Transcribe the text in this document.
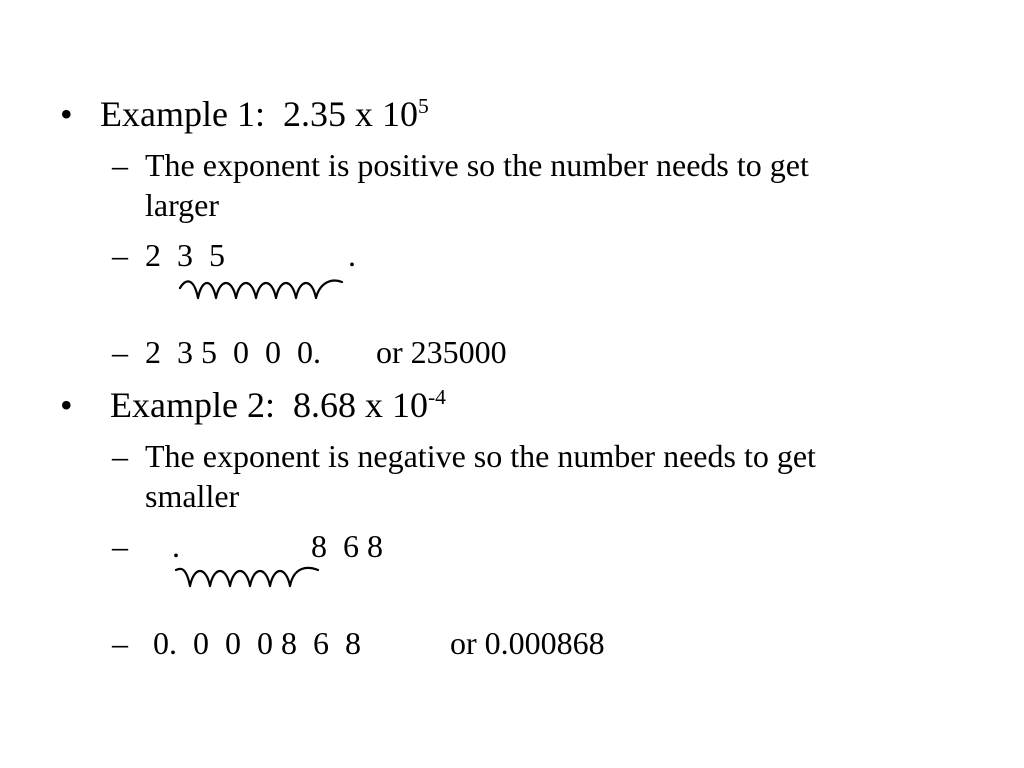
• Example 1:  2.35 x $10^5$
– The exponent is positive so the number needs to get
larger
– 2  3  5	.
– 2  3 5  0  0  0. or 235000
• Example 2:  8.68 x $10^{-4}$
– The exponent is negative so the number needs to get
smaller
– .	8  6 8
– 0.  0  0  0 8  6  8	or 0.000868
